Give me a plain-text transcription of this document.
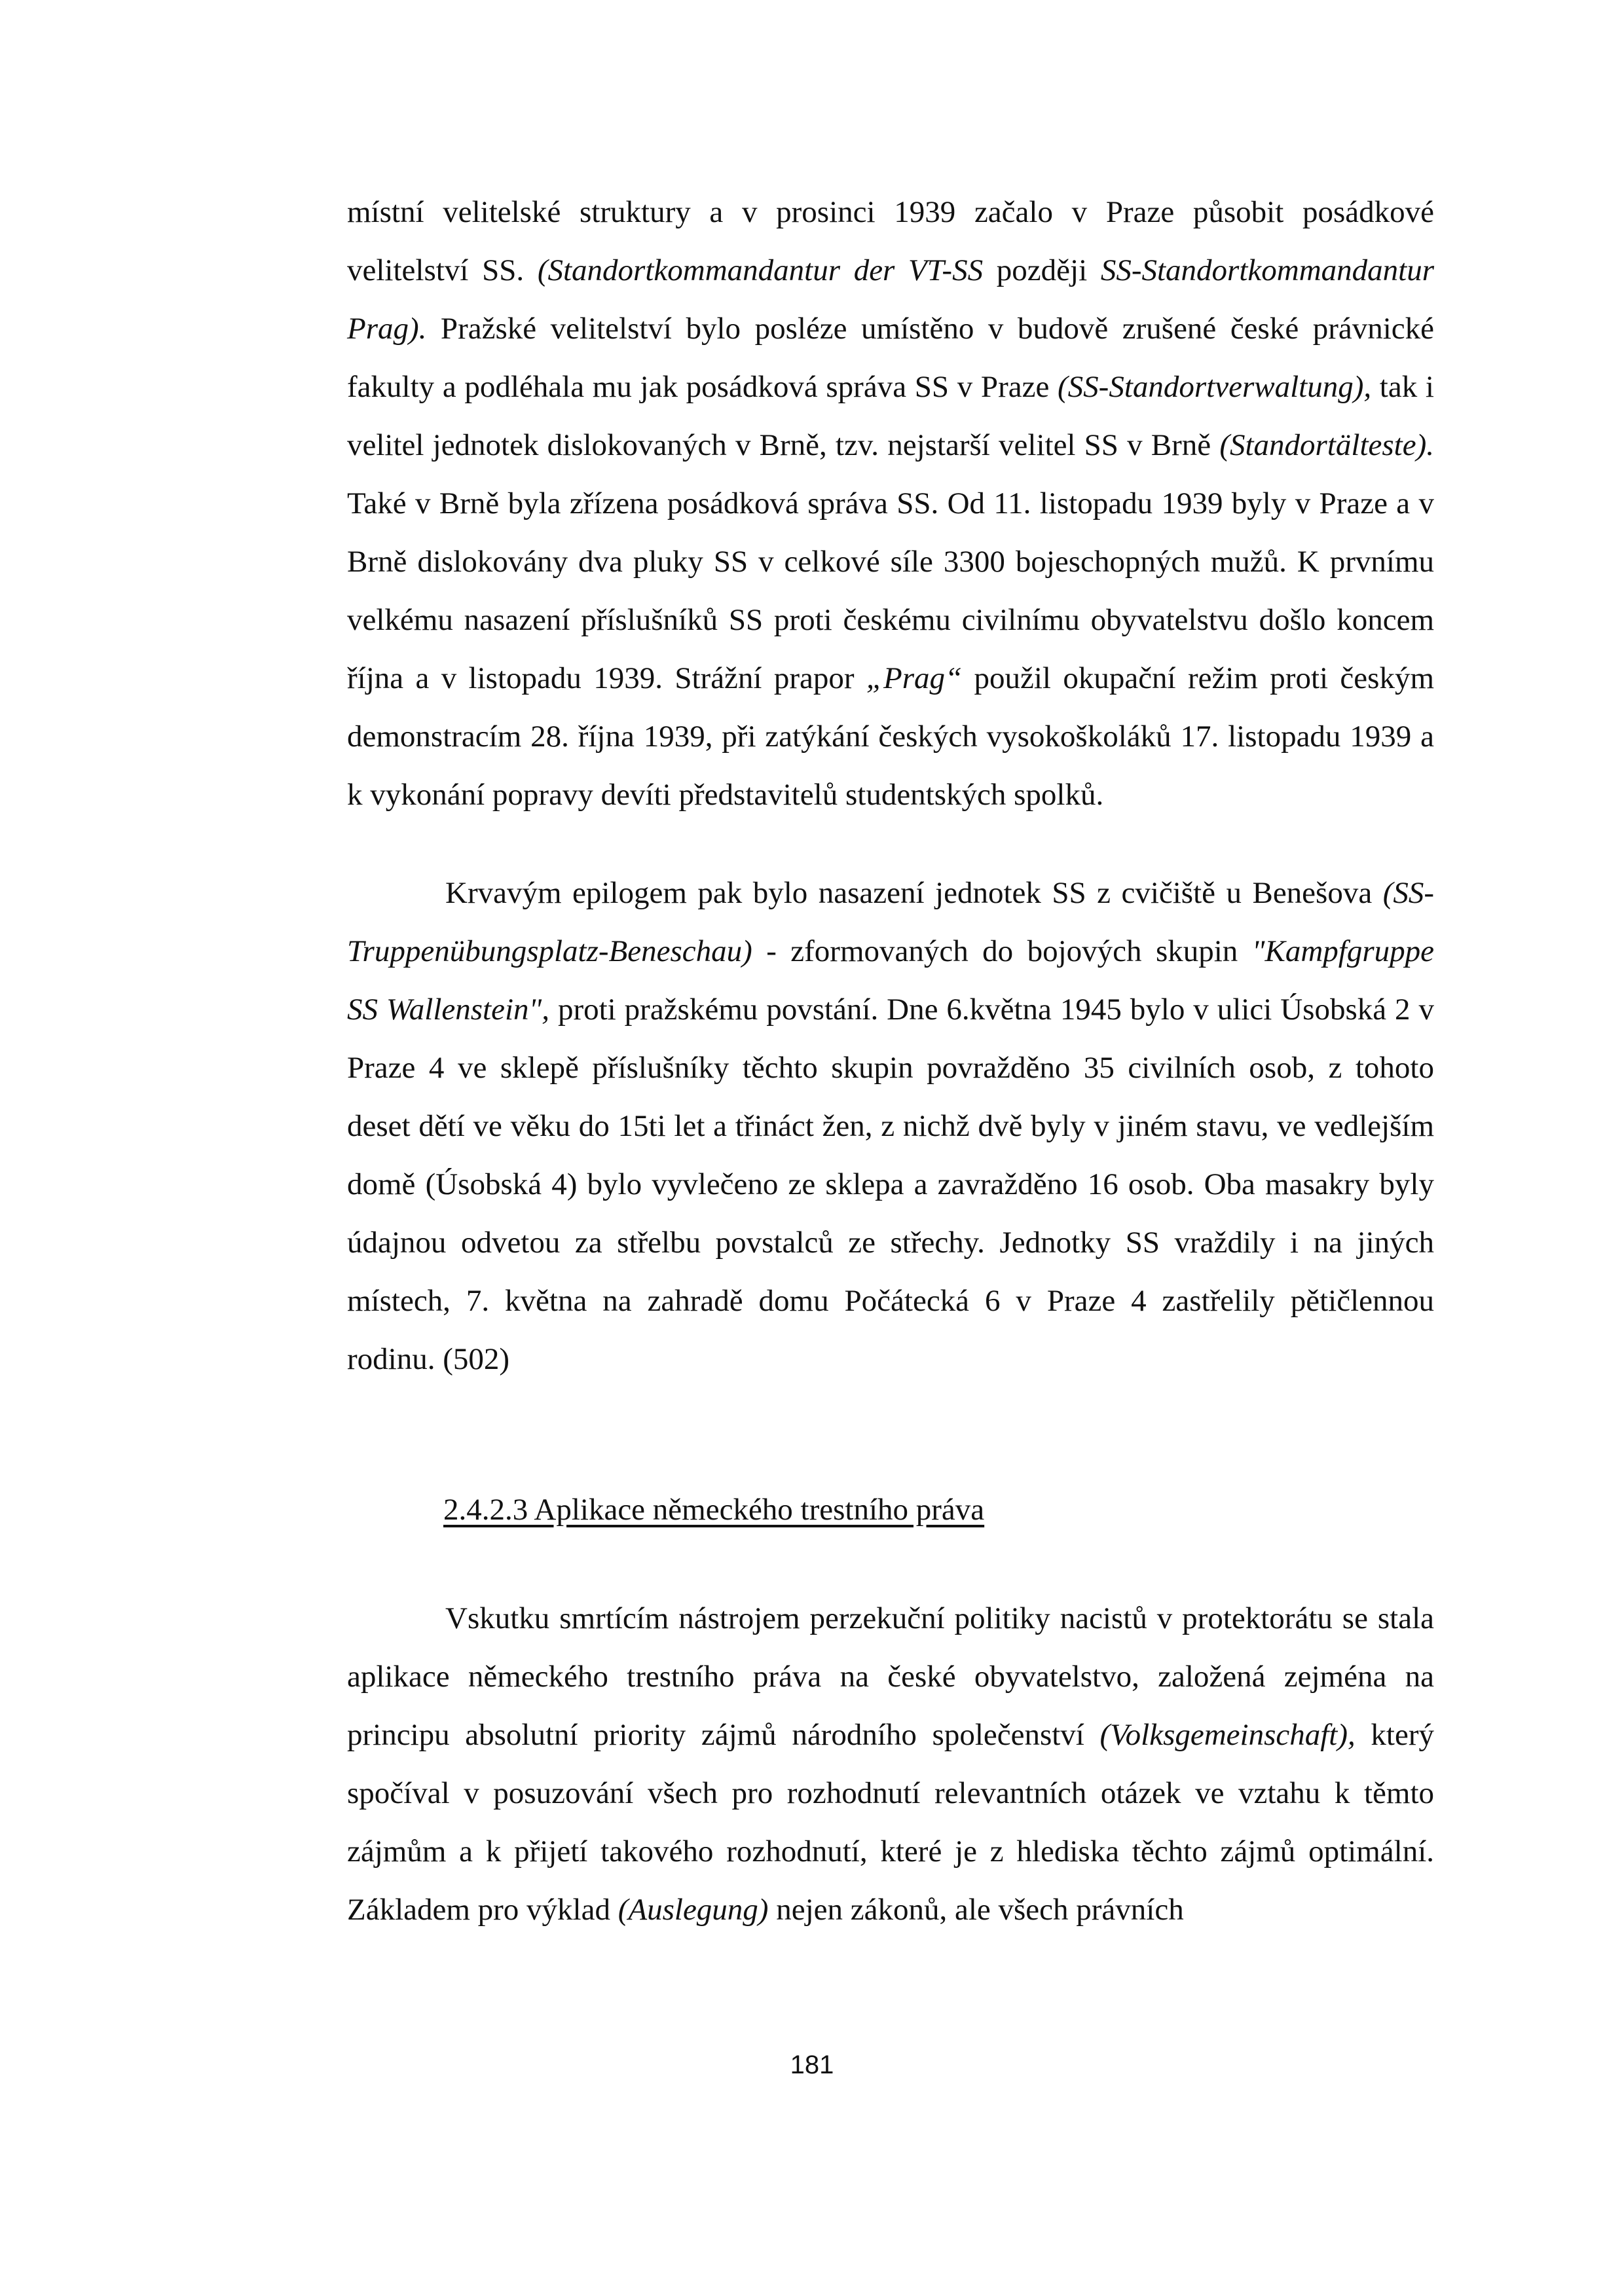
místní velitelské struktury a v prosinci 1939 začalo v Praze působit posádkové velitelství SS. (Standortkommandantur der VT-SS později SS-Standortkommandantur Prag). Pražské velitelství bylo posléze umístěno v budově zrušené české právnické fakulty a podléhala mu jak posádková správa SS v Praze (SS-Standortverwaltung), tak i velitel jednotek dislokovaných v Brně, tzv. nejstarší velitel SS v Brně (Standortälteste). Také v Brně byla zřízena posádková správa SS. Od 11. listopadu 1939 byly v Praze a v Brně dislokovány dva pluky SS v celkové síle 3300 bojeschopných mužů. K prvnímu velkému nasazení příslušníků SS proti českému civilnímu obyvatelstvu došlo koncem října a v listopadu 1939. Strážní prapor „Prag“ použil okupační režim proti českým demonstracím 28. října 1939, při zatýkání českých vysokoškoláků 17. listopadu 1939 a k vykonání popravy devíti představitelů studentských spolků.

Krvavým epilogem pak bylo nasazení jednotek SS z cvičiště u Benešova (SS-Truppenübungsplatz-Beneschau) - zformovaných do bojových skupin "Kampfgruppe SS Wallenstein", proti pražskému povstání. Dne 6.května 1945 bylo v ulici Úsobská 2 v Praze 4 ve sklepě příslušníky těchto skupin povražděno 35 civilních osob, z tohoto deset dětí ve věku do 15ti let a třináct žen, z nichž dvě byly v jiném stavu, ve vedlejším domě (Úsobská 4) bylo vyvlečeno ze sklepa a zavražděno 16 osob. Oba masakry byly údajnou odvetou za střelbu povstalců ze střechy. Jednotky SS vraždily i na jiných místech, 7. května na zahradě domu Počátecká 6 v Praze 4 zastřelily pětičlennou rodinu. (502)

2.4.2.3 Aplikace německého trestního práva

Vskutku smrtícím nástrojem perzekuční politiky nacistů v protektorátu se stala aplikace německého trestního práva na české obyvatelstvo, založená zejména na principu absolutní priority zájmů národního společenství (Volksgemeinschaft), který spočíval v posuzování všech pro rozhodnutí relevantních otázek ve vztahu k těmto zájmům a k přijetí takového rozhodnutí, které je z hlediska těchto zájmů optimální. Základem pro výklad (Auslegung) nejen zákonů, ale všech právních

181
